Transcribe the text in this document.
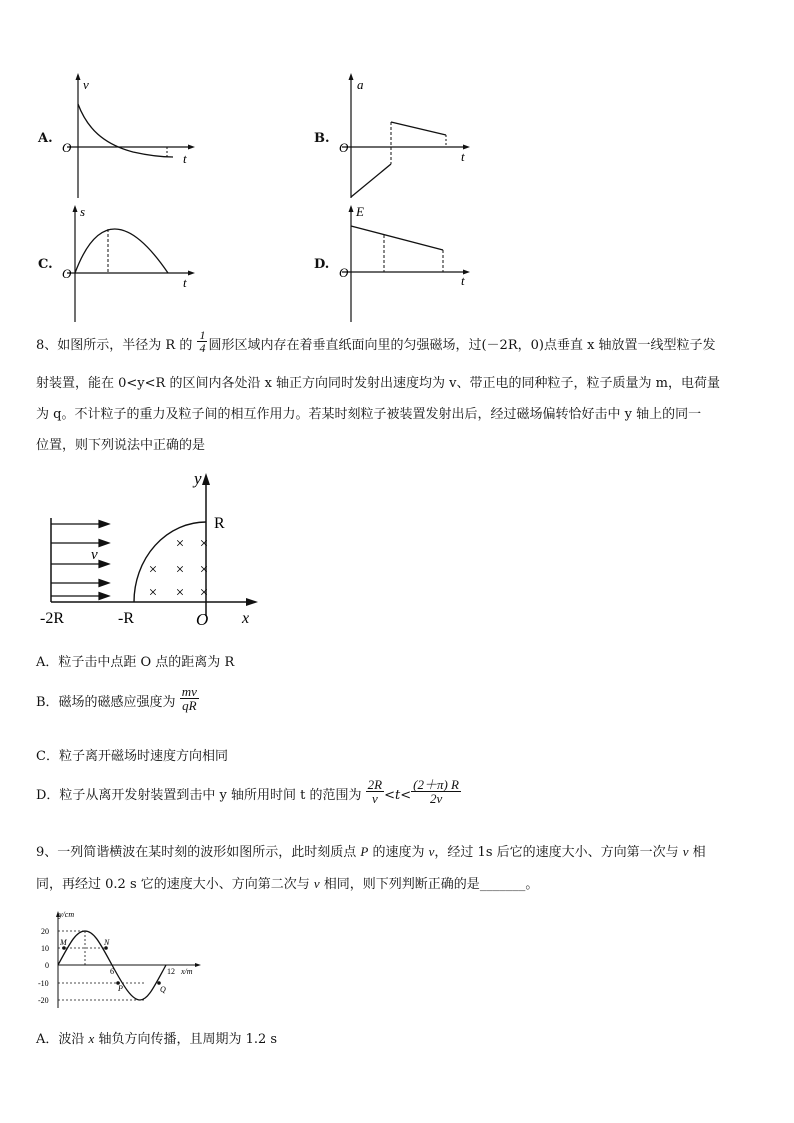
A.
v
O
t
B.
a
O
t
C.
s
O
t
D.
E
O
t
8、如图所示，半径为 R 的 $\frac{1}{4}$ 圆形区域内存在着垂直纸面向里的匀强磁场，过(－2R，0)点垂直 x 轴放置一线型粒子发
射装置，能在 0<y<R 的区间内各处沿 x 轴正方向同时发射出速度均为 v、带正电的同种粒子，粒子质量为 m，电荷量
为 q。不计粒子的重力及粒子间的相互作用力。若某时刻粒子被装置发射出后，经过磁场偏转恰好击中 y 轴上的同一
位置，则下列说法中正确的是
× ×
× × ×
× × ×
y
R
v
-2R	-R	O x
A．粒子击中点距 O 点的距离为 R
B．磁场的磁感应强度为 $\frac{mv}{qR}$
C．粒子离开磁场时速度方向相同
D．粒子从离开发射装置到击中 y 轴所用时间 t 的范围为 $\frac{2R}{v} <t< \frac{(2+\pi) R}{2v}$
9、一列简谐横波在某时刻的波形如图所示，此时刻质点 P 的速度为 v，经过 1s 后它的速度大小、方向第一次与 v 相
同，再经过 0.2 s 它的速度大小、方向第二次与 v 相同，则下列判断正确的是_______。
y/cm
20
10
0
-10
-20
6	12 x/m
M	N
P	Q
A．波沿 x 轴负方向传播，且周期为 1.2 s
